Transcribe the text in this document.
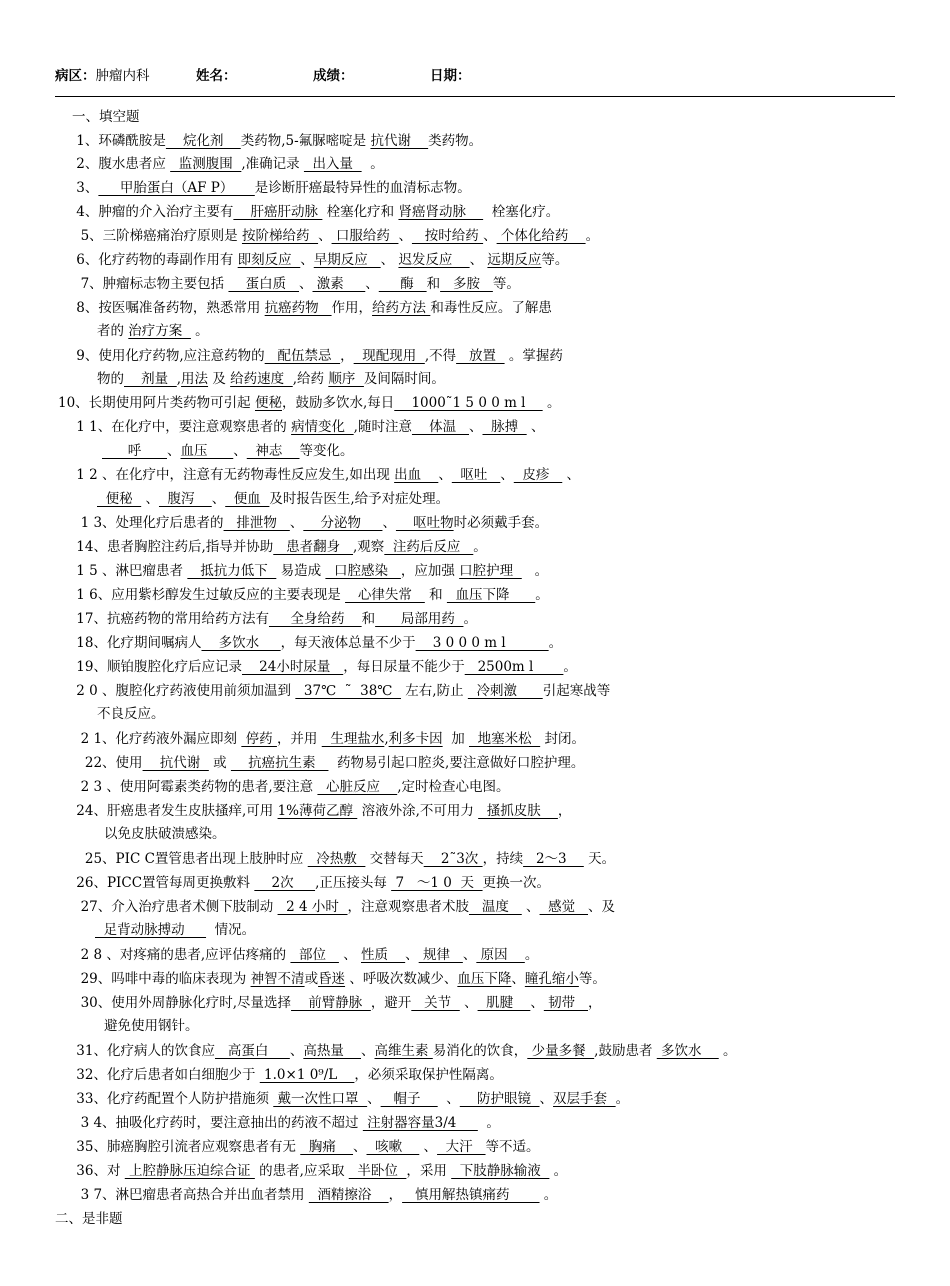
病区：肿瘤内科	姓名：	成绩：	日期：
一、填空题
1、环磷酰胺是    烷化剂    类药物,5-氟脲嘧啶是 抗代谢    类药物。
2、腹水患者应   监测腹围  ,准确记录   出入量    。
3、     甲胎蛋白（AF P）     是诊断肝癌最特异性的血清标志物。
4、肿瘤的介入治疗主要有    肝癌肝动脉  栓塞化疗和 肾癌肾动脉      栓塞化疗。
5、三阶梯癌痛治疗原则是 按阶梯给药  、 口服给药  、   按时给药 、 个体化给药    。
6、化疗药物的毒副作用有 即刻反应  、早期反应   、 迟发反应    、 远期反应等。
7、肿瘤标志物主要包括     蛋白质   、 激素     、     酶   和   多胺   等。
8、按医嘱准备药物，熟悉常用 抗癌药物   作用，给药方法 和毒性反应。了解患
者的 治疗方案   。
9、使用化疗药物,应注意药物的   配伍禁忌  ，  现配现用  ,不得   放置   。掌握药
物的    剂量  ,用法 及 给药速度  ,给药 顺序  及间隔时间。
10、长期使用阿片类药物可引起 便秘，鼓励多饮水,每日    1000˜1 5 0 0 m l     。
1 1、在化疗中，要注意观察患者的 病情变化  ,随时注意    体温   、  脉搏   、
呼      、血压      、  神志    等变化。
1 2 、在化疗中，注意有无药物毒性反应发生,如出现 出血    、  呕吐   、  皮疹    、
便秘   、  腹泻    、  便血  及时报告医生,给予对症处理。
1 3、处理化疗后患者的   排泄物   、    分泌物     、    呕吐物时必须戴手套。
14、患者胸腔注药后,指导并协助   患者翻身   ,观察  注药后反应   。
1 5 、淋巴瘤患者    抵抗力低下   易造成   口腔感染   ，应加强 口腔护理     。
1 6、应用紫杉醇发生过敏反应的主要表现是    心律失常    和   血压下降      。
17、抗癌药物的常用给药方法有     全身给药    和      局部用药  。
18、化疗期间嘱病人    多饮水     ，每天液体总量不少于    3 0 0 0 m l          。
19、顺铂腹腔化疗后应记录    24小时尿量   ，每日尿量不能少于   2500m l       。
2 0 、腹腔化疗药液使用前须加温到   37℃  ˜  38℃   左右,防止   冷刺激      引起寒战等
不良反应。
2 1、化疗药液外漏应即刻  停药 ，并用   生理盐水,利多卡因  加   地塞米松   封闭。
22、使用    抗代谢   或     抗癌抗生素     药物易引起口腔炎,要注意做好口腔护理。
2 3 、使用阿霉素类药物的患者,要注意   心脏反应    ,定时检查心电图。
24、肝癌患者发生皮肤搔痒,可用 1%薄荷乙醇  溶液外涂,不可用力   搔抓皮肤    ，
以免皮肤破溃感染。
25、PIC C置管患者出现上肢肿时应   冷热敷   交替每天    2˜3次 ，持续   2～3     天。
26、PICC置管每周更换敷料     2次     ,正压接头每  7   ～1 0  天  更换一次。
27、介入治疗患者术侧下肢制动   2 4 小时  ，注意观察患者术肢   温度    、  感觉   、及
足背动脉搏动       情况。
2 8 、对疼痛的患者,应评估疼痛的   部位    、 性质    、 规律   、 原因    。
29、吗啡中毒的临床表现为 神智不清或昏迷 、呼吸次数减少、血压下降、瞳孔缩小等。
30、使用外周静脉化疗时,尽量选择    前臂静脉  ，避开   关节   、  肌腱    、 韧带   ，
避免使用钢针。
31、化疗病人的饮食应   高蛋白     、高热量    、高维生素 易消化的饮食， 少量多餐  ,鼓励患者  多饮水     。
32、化疗后患者如白细胞少于  1.0×1 0⁹/L    ，必须采取保护性隔离。
33、化疗药配置个人防护措施须  戴一次性口罩  、   帽子      、    防护眼镜  、双层手套  。
3 4、抽吸化疗药时，要注意抽出的药液不超过  注射器容量3/4       。
35、肺癌胸腔引流者应观察患者有无   胸痛    、  咳嗽     、  大汗   等不适。
36、对  上腔静脉压迫综合证  的患者,应采取   半卧位  ，采用   下肢静脉输液   。
3 7、淋巴瘤患者高热合并出血者禁用   酒精擦浴    ，   慎用解热镇痛药        。
二、是非题
